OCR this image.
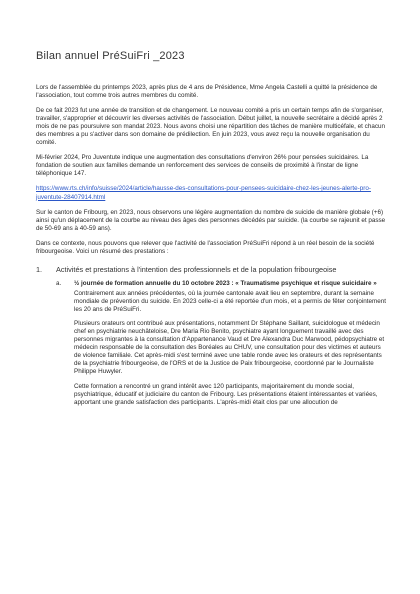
Bilan annuel PréSuiFri _2023

Lors de l'assemblée du printemps 2023, après plus de 4 ans de Présidence, Mme Angela Castelli a quitté la présidence de l'association, tout comme trois autres membres du comité.

De ce fait 2023 fut une année de transition et de changement. Le nouveau comité a pris un certain temps afin de s'organiser, travailler, s'approprier et découvrir les diverses activités de l'association. Début juillet, la nouvelle secrétaire a décidé après 2 mois de ne pas poursuivre son mandat 2023. Nous avons choisi une répartition des tâches de manière multicéfale, et chacun des membres a pu s'activer dans son domaine de prédilection. En juin 2023, vous avez reçu la nouvelle organisation du comité.

Mi-février 2024, Pro Juventute indique une augmentation des consultations d'environ 26% pour pensées suicidaires. La fondation de soutien aux familles demande un renforcement des services de conseils de proximité à l'instar de ligne téléphonique 147.

https://www.rts.ch/info/suisse/2024/article/hausse-des-consultations-pour-pensees-suicidaire-chez-les-jeunes-alerte-pro-juventute-28407914.html

Sur le canton de Fribourg, en 2023, nous observons une légère augmentation du nombre de suicide de manière globale (+6) ainsi qu'un déplacement de la courbe au niveau des âges des personnes décédés par suicide. (la courbe se rajeunit et passe de 50-69 ans à 40-59 ans).

Dans ce contexte, nous pouvons que relever que l'activité de l'association PréSuiFri répond à un réel besoin de la société fribourgeoise. Voici un résumé des prestations :

1.	Activités et prestations à l'intention des professionnels et de la population fribourgeoise
a.	½ journée de formation annuelle du 10 octobre 2023 : « Traumatisme psychique et risque suicidaire »

Contrairement aux années précédentes, où la journée cantonale avait lieu en septembre, durant la semaine mondiale de prévention du suicide. En 2023 celle-ci a été reportée d'un mois, et a permis de fêter conjointement les 20 ans de PréSuiFri.

Plusieurs orateurs ont contribué aux présentations, notamment Dr Stéphane Saillant, suicidologue et médecin chef en psychiatrie neuchâteloise, Dre Maria Rio Benito, psychiatre ayant longuement travaillé avec des personnes migrantes à la consultation d'Appartenance Vaud et Dre Alexandra Duc Marwood, pédopsychiatre et médecin responsable de la consultation des Boréales au CHUV, une consultation pour des victimes et auteurs de violence familiale. Cet après-midi s'est terminé avec une table ronde avec les orateurs et des représentants de la psychiatrie fribourgeoise, de l'ORS et de la Justice de Paix fribourgeoise, coordonné par le Journaliste Philippe Huwyler.

Cette formation a rencontré un grand intérêt avec 120 participants, majoritairement du monde social, psychiatrique, éducatif et judiciaire du canton de Fribourg. Les présentations étaient intéressantes et variées, apportant une grande satisfaction des participants. L'après-midi était clos par une allocution de
